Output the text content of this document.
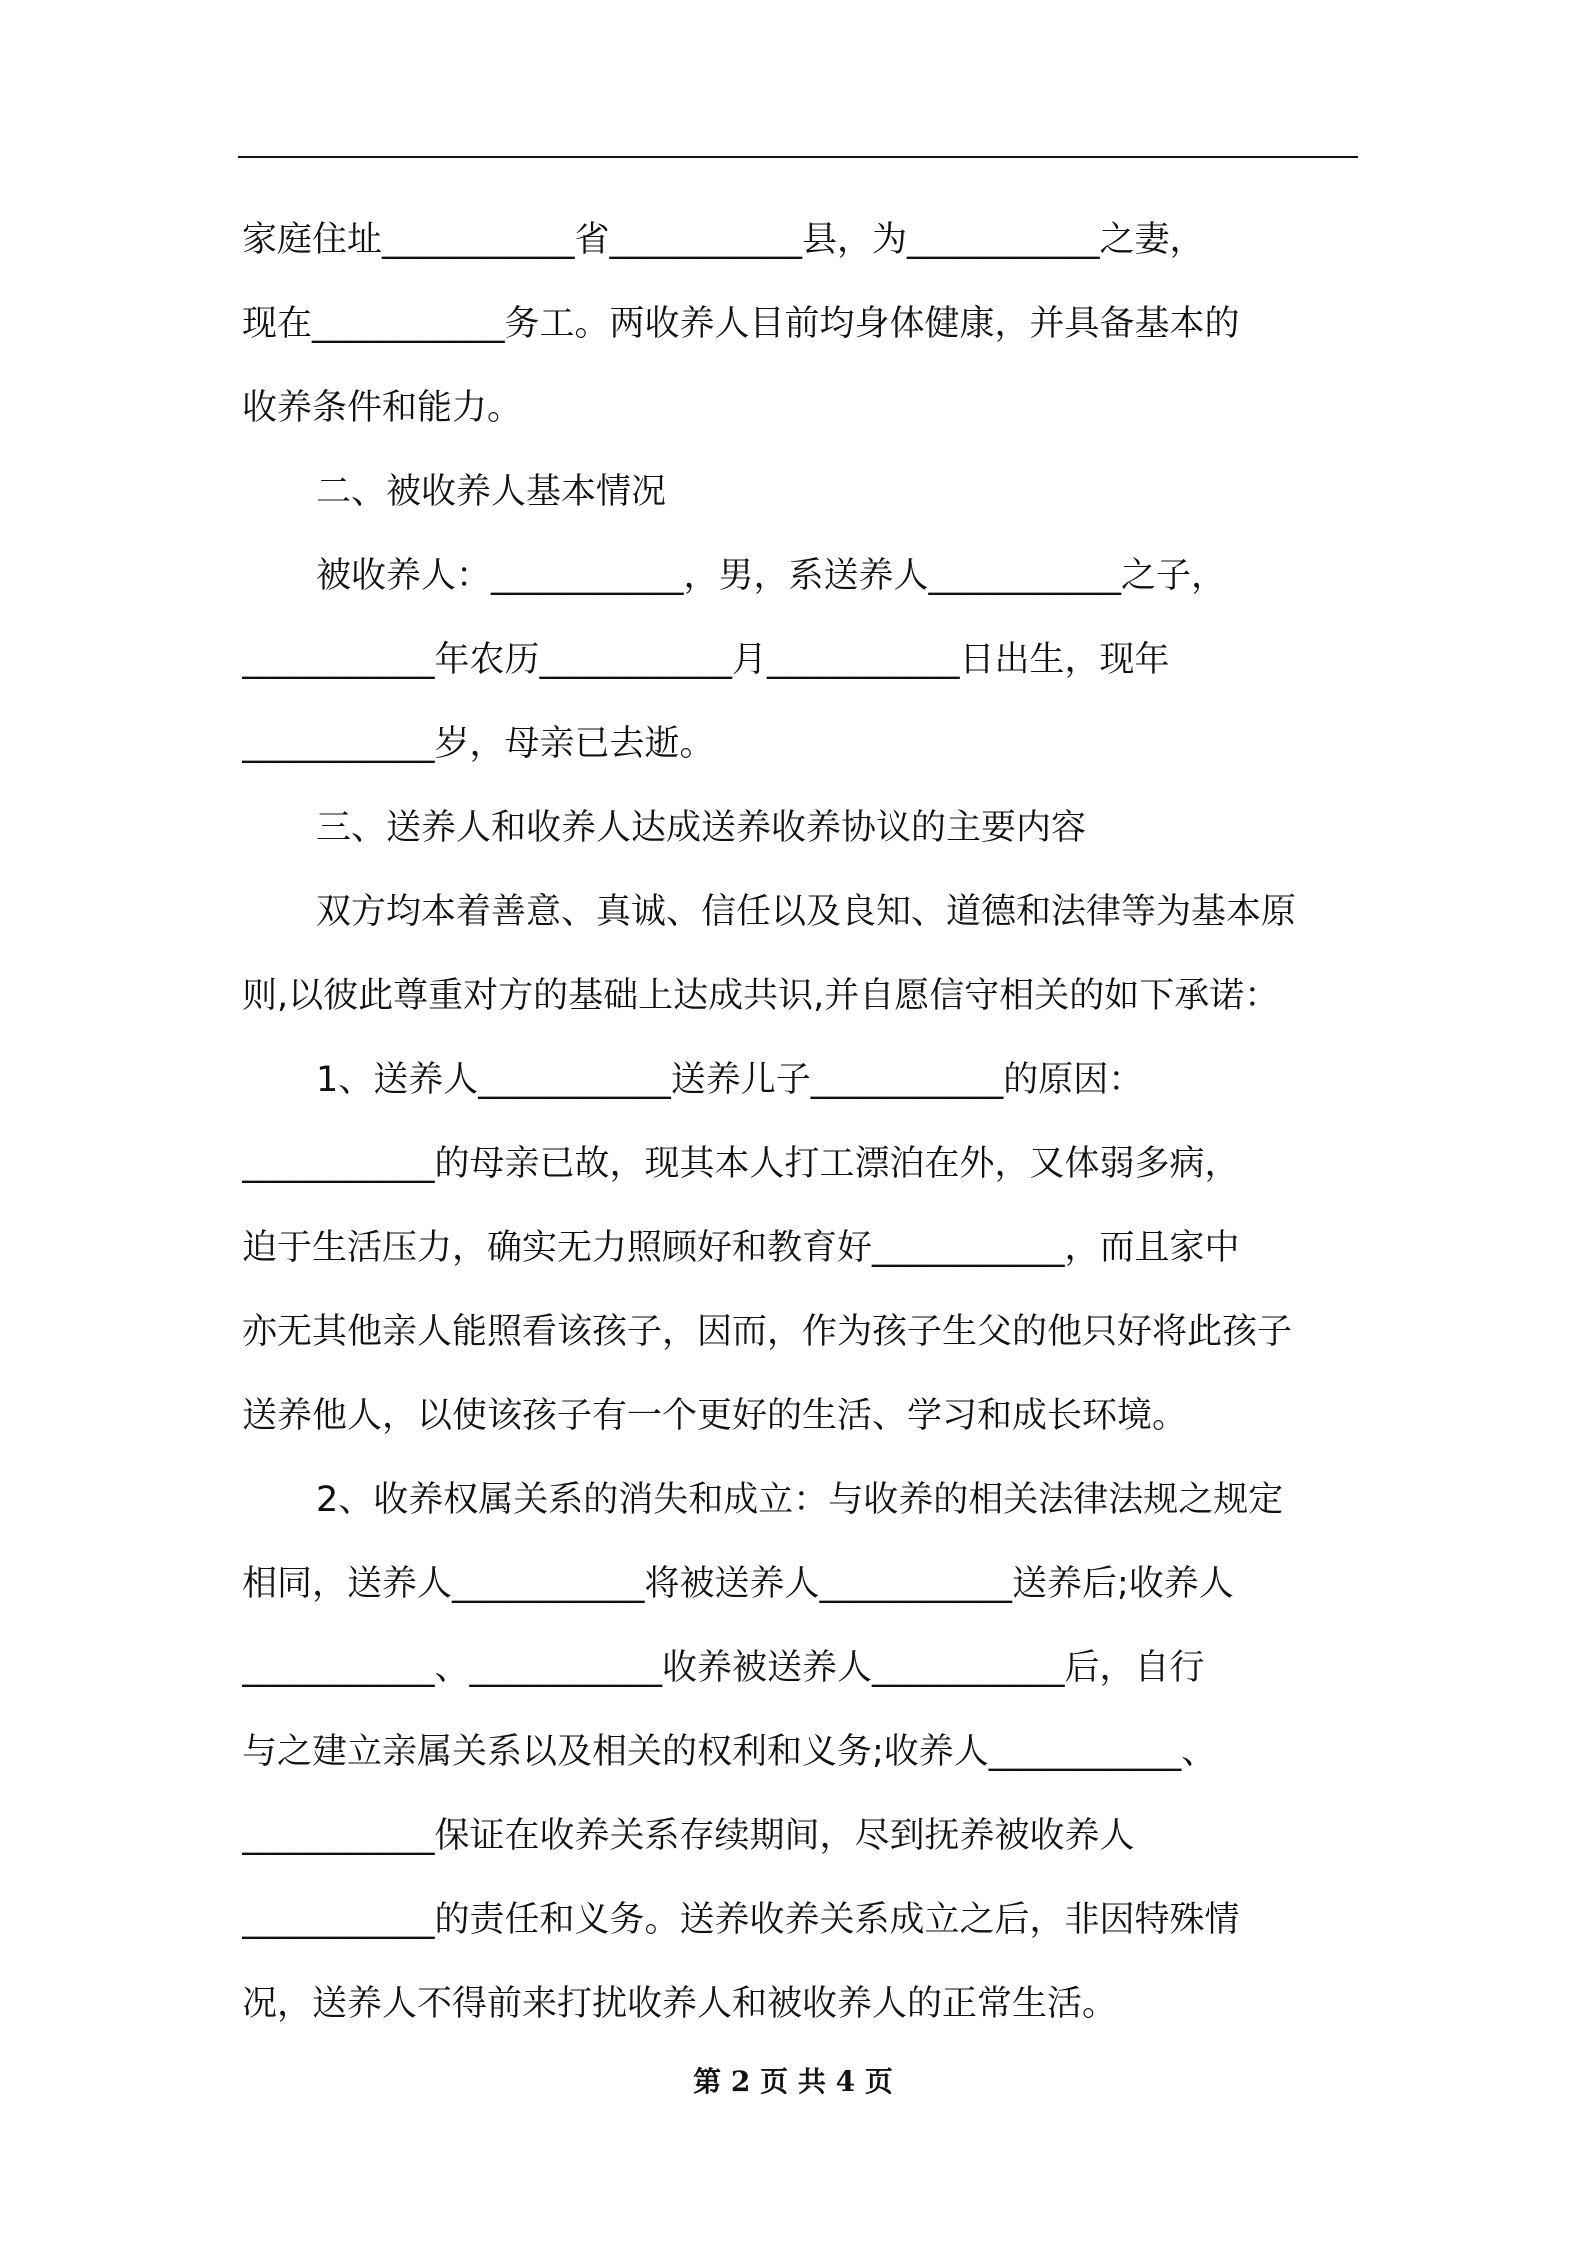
家庭住址___________省___________县，为___________之妻，
现在___________务工。两收养人目前均身体健康，并具备基本的
收养条件和能力。
二、被收养人基本情况
被收养人：___________，男，系送养人___________之子，
___________年农历___________月___________日出生，现年
___________岁，母亲已去逝。
三、送养人和收养人达成送养收养协议的主要内容
双方均本着善意、真诚、信任以及良知、道德和法律等为基本原
则,以彼此尊重对方的基础上达成共识,并自愿信守相关的如下承诺：
1、送养人___________送养儿子___________的原因：
___________的母亲已故，现其本人打工漂泊在外，又体弱多病，
迫于生活压力，确实无力照顾好和教育好___________，而且家中
亦无其他亲人能照看该孩子，因而，作为孩子生父的他只好将此孩子
送养他人，以使该孩子有一个更好的生活、学习和成长环境。
2、收养权属关系的消失和成立：与收养的相关法律法规之规定
相同，送养人___________将被送养人___________送养后;收养人
___________、___________收养被送养人___________后，自行
与之建立亲属关系以及相关的权利和义务;收养人___________、
___________保证在收养关系存续期间，尽到抚养被收养人
___________的责任和义务。送养收养关系成立之后，非因特殊情
况，送养人不得前来打扰收养人和被收养人的正常生活。
第 2 页 共 4 页
